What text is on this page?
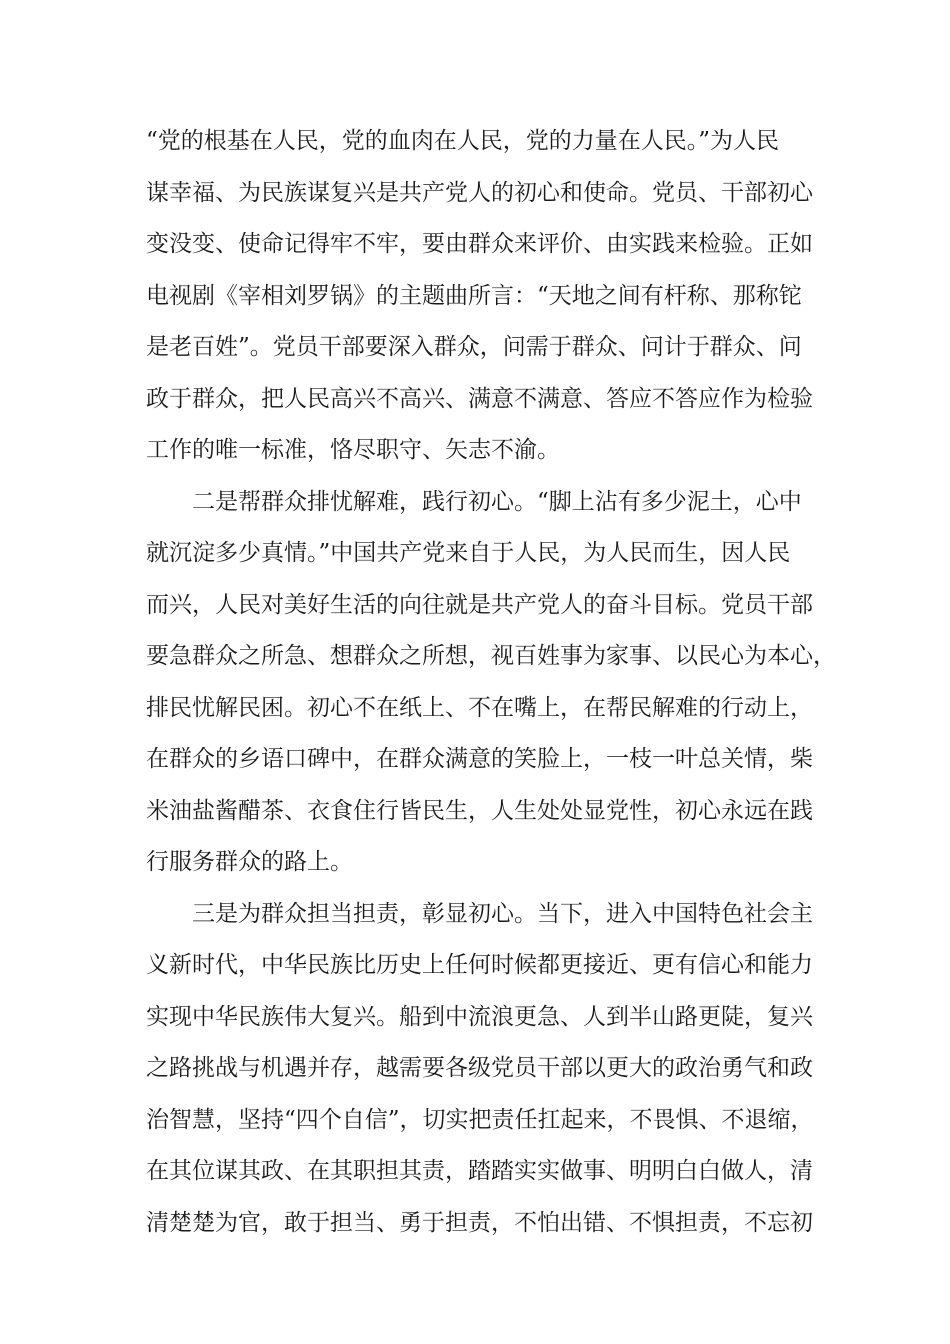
“党的根基在人民，党的血肉在人民，党的力量在人民。”为人民
谋幸福、为民族谋复兴是共产党人的初心和使命。党员、干部初心
变没变、使命记得牢不牢，要由群众来评价、由实践来检验。正如
电视剧《宰相刘罗锅》的主题曲所言：“天地之间有杆称、那称铊
是老百姓”。党员干部要深入群众，问需于群众、问计于群众、问
政于群众，把人民高兴不高兴、满意不满意、答应不答应作为检验
工作的唯一标准，恪尽职守、矢志不渝。
二是帮群众排忧解难，践行初心。“脚上沾有多少泥土，心中
就沉淀多少真情。”中国共产党来自于人民，为人民而生，因人民
而兴，人民对美好生活的向往就是共产党人的奋斗目标。党员干部
要急群众之所急、想群众之所想，视百姓事为家事、以民心为本心，
排民忧解民困。初心不在纸上、不在嘴上，在帮民解难的行动上，
在群众的乡语口碑中，在群众满意的笑脸上，一枝一叶总关情，柴
米油盐酱醋茶、衣食住行皆民生，人生处处显党性，初心永远在践
行服务群众的路上。
三是为群众担当担责，彰显初心。当下，进入中国特色社会主
义新时代，中华民族比历史上任何时候都更接近、更有信心和能力
实现中华民族伟大复兴。船到中流浪更急、人到半山路更陡，复兴
之路挑战与机遇并存，越需要各级党员干部以更大的政治勇气和政
治智慧，坚持“四个自信”，切实把责任扛起来，不畏惧、不退缩，
在其位谋其政、在其职担其责，踏踏实实做事、明明白白做人，清
清楚楚为官，敢于担当、勇于担责，不怕出错、不惧担责，不忘初
